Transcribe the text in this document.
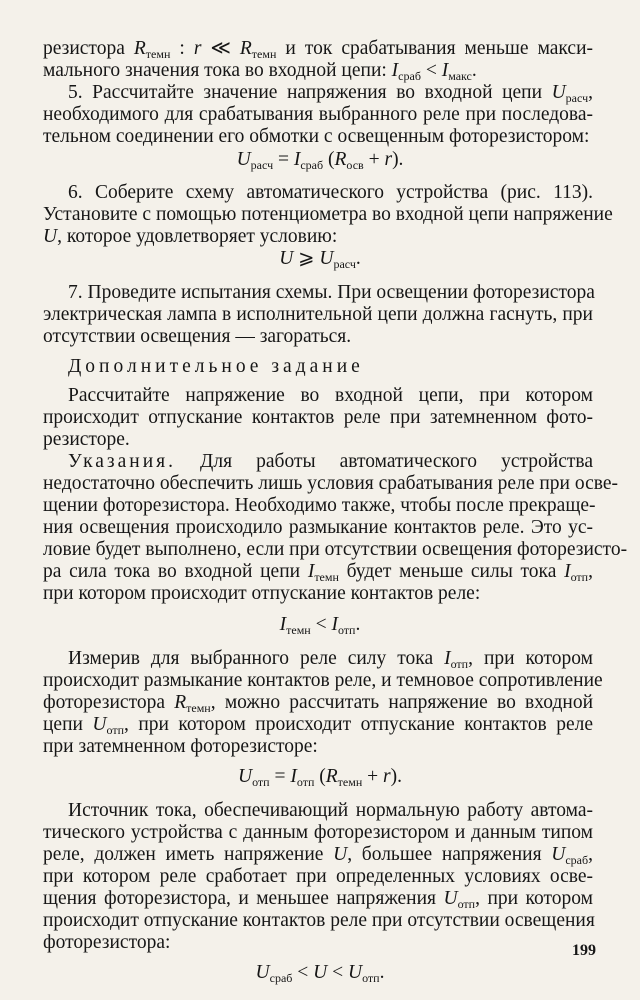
резистора $R_{темн}$ : r ≪ $R_{темн}$ и ток срабатывания меньше макси-
мального значения тока во входной цепи: $I_{сраб} < I_{макс}$.
5. Рассчитайте значение напряжения во входной цепи $U_{расч}$,
необходимого для срабатывания выбранного реле при последова-
тельном соединении его обмотки с освещенным фоторезистором:
$U_{расч} = I_{сраб}$ $(R_{осв} + r)$.
6. Соберите схему автоматического устройства (рис. 113).
Установите с помощью потенциометра во входной цепи напряжение
U, которое удовлетворяет условию:
U ⩾ $U_{расч}$.
7. Проведите испытания схемы. При освещении фоторезистора
электрическая лампа в исполнительной цепи должна гаснуть, при
отсутствии освещения — загораться.
Дополнительное задание
Рассчитайте напряжение во входной цепи, при котором
происходит отпускание контактов реле при затемненном фото-
резисторе.
Указания. Для работы автоматического устройства
недостаточно обеспечить лишь условия срабатывания реле при осве-
щении фоторезистора. Необходимо также, чтобы после прекраще-
ния освещения происходило размыкание контактов реле. Это ус-
ловие будет выполнено, если при отсутствии освещения фоторезисто-
ра сила тока во входной цепи $I_{темн}$ будет меньше силы тока $I_{отп}$,
при котором происходит отпускание контактов реле:
$I_{темн} < I_{отп}$.
Измерив для выбранного реле силу тока $I_{отп}$, при котором
происходит размыкание контактов реле, и темновое сопротивление
фоторезистора $R_{темн}$, можно рассчитать напряжение во входной
цепи $U_{отп}$, при котором происходит отпускание контактов реле
при затемненном фоторезисторе:
$U_{отп} = I_{отп}$ $(R_{темн} + r)$.
Источник тока, обеспечивающий нормальную работу автома-
тического устройства с данным фоторезистором и данным типом
реле, должен иметь напряжение U, большее напряжения $U_{сраб}$,
при котором реле сработает при определенных условиях осве-
щения фоторезистора, и меньшее напряжения $U_{отп}$, при котором
происходит отпускание контактов реле при отсутствии освещения
фоторезистора:
$U_{сраб} < U < U_{отп}$.
199
